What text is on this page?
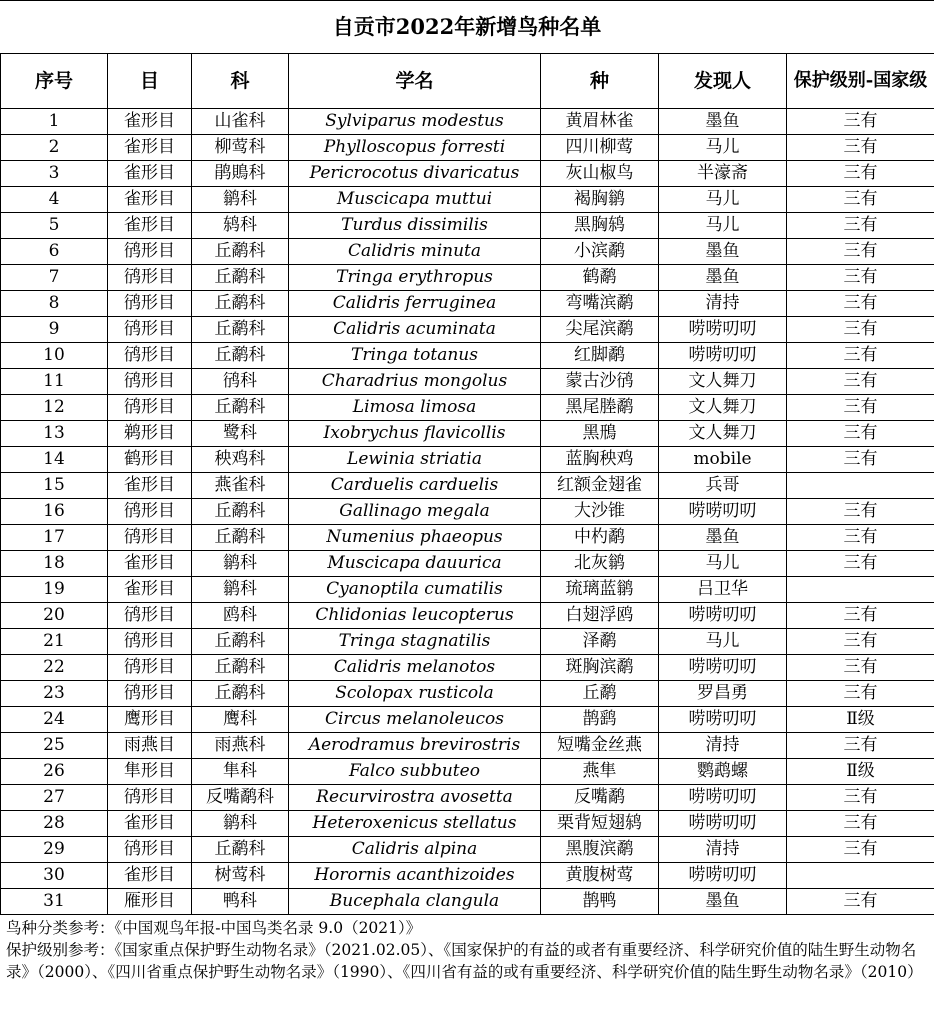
自贡市2022年新增鸟种名单
序号	目	科	学名	种	发现人	保护级别-国家级
1	雀形目	山雀科	Sylviparus modestus	黄眉林雀	墨鱼	三有
2	雀形目	柳莺科	Phylloscopus forresti	四川柳莺	马儿	三有
3	雀形目	鹃鵙科	Pericrocotus divaricatus	灰山椒鸟	半濠斋	三有
4	雀形目	鹟科	Muscicapa muttui	褐胸鹟	马儿	三有
5	雀形目	鸫科	Turdus dissimilis	黑胸鸫	马儿	三有
6	鸻形目	丘鹬科	Calidris minuta	小滨鹬	墨鱼	三有
7	鸻形目	丘鹬科	Tringa erythropus	鹤鹬	墨鱼	三有
8	鸻形目	丘鹬科	Calidris ferruginea	弯嘴滨鹬	清持	三有
9	鸻形目	丘鹬科	Calidris acuminata	尖尾滨鹬	唠唠叨叨	三有
10	鸻形目	丘鹬科	Tringa totanus	红脚鹬	唠唠叨叨	三有
11	鸻形目	鸻科	Charadrius mongolus	蒙古沙鸻	文人舞刀	三有
12	鸻形目	丘鹬科	Limosa limosa	黑尾塍鹬	文人舞刀	三有
13	鹈形目	鹭科	Ixobrychus flavicollis	黑鳽	文人舞刀	三有
14	鹤形目	秧鸡科	Lewinia striatia	蓝胸秧鸡	mobile	三有
15	雀形目	燕雀科	Carduelis carduelis	红额金翅雀	兵哥	
16	鸻形目	丘鹬科	Gallinago megala	大沙锥	唠唠叨叨	三有
17	鸻形目	丘鹬科	Numenius phaeopus	中杓鹬	墨鱼	三有
18	雀形目	鹟科	Muscicapa dauurica	北灰鹟	马儿	三有
19	雀形目	鹟科	Cyanoptila cumatilis	琉璃蓝鹟	吕卫华	
20	鸻形目	鸥科	Chlidonias leucopterus	白翅浮鸥	唠唠叨叨	三有
21	鸻形目	丘鹬科	Tringa stagnatilis	泽鹬	马儿	三有
22	鸻形目	丘鹬科	Calidris melanotos	斑胸滨鹬	唠唠叨叨	三有
23	鸻形目	丘鹬科	Scolopax rusticola	丘鹬	罗昌勇	三有
24	鹰形目	鹰科	Circus melanoleucos	鹊鹞	唠唠叨叨	Ⅱ级
25	雨燕目	雨燕科	Aerodramus brevirostris	短嘴金丝燕	清持	三有
26	隼形目	隼科	Falco subbuteo	燕隼	鹦鹉螺	Ⅱ级
27	鸻形目	反嘴鹬科	Recurvirostra avosetta	反嘴鹬	唠唠叨叨	三有
28	雀形目	鹟科	Heteroxenicus stellatus	栗背短翅鸫	唠唠叨叨	三有
29	鸻形目	丘鹬科	Calidris alpina	黑腹滨鹬	清持	三有
30	雀形目	树莺科	Horornis acanthizoides	黄腹树莺	唠唠叨叨	
31	雁形目	鸭科	Bucephala clangula	鹊鸭	墨鱼	三有

鸟种分类参考：《中国观鸟年报-中国鸟类名录 9.0（2021）》

保护级别参考：《国家重点保护野生动物名录》（2021.02.05）、《国家保护的有益的或者有重要经济、科学研究价值的陆生野生动物名录》（2000）、《四川省重点保护野生动物名录》（1990）、《四川省有益的或有重要经济、科学研究价值的陆生野生动物名录》（2010）
